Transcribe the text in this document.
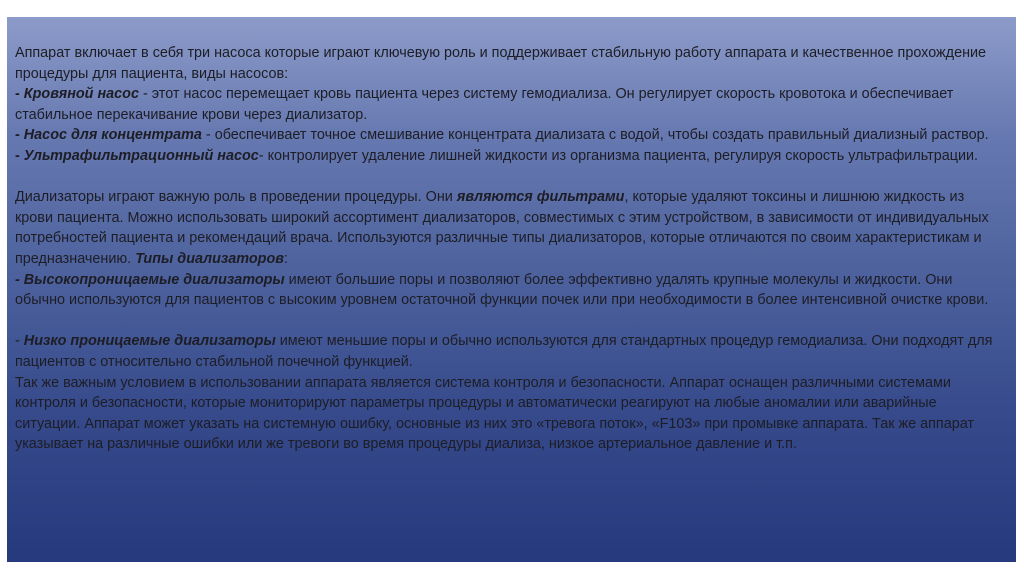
Аппарат включает в себя три насоса которые играют ключевую роль и поддерживает стабильную работу аппарата и качественное прохождение процедуры для пациента, виды насосов:

- Кровяной насос - этот насос перемещает кровь пациента через систему гемодиализа. Он регулирует скорость кровотока и обеспечивает стабильное перекачивание крови через диализатор.

- Насос для концентрата - обеспечивает точное смешивание концентрата диализата с водой, чтобы создать правильный диализный раствор.

- Ультрафильтрационный насос- контролирует удаление лишней жидкости из организма пациента, регулируя скорость ультрафильтрации.

Диализаторы играют важную роль в проведении процедуры. Они являются фильтрами, которые удаляют токсины и лишнюю жидкость из крови пациента. Можно использовать широкий ассортимент диализаторов, совместимых с этим устройством, в зависимости от индивидуальных потребностей пациента и рекомендаций врача. Используются различные типы диализаторов, которые отличаются по своим характеристикам и предназначению. Типы диализаторов:

- Высокопроницаемые диализаторы имеют большие поры и позволяют более эффективно удалять крупные молекулы и жидкости. Они обычно используются для пациентов с высоким уровнем остаточной функции почек или при необходимости в более интенсивной очистке крови.

- Низко проницаемые диализаторы имеют меньшие поры и обычно используются для стандартных процедур гемодиализа. Они подходят для пациентов с относительно стабильной почечной функцией.

Так же важным условием в использовании аппарата является система контроля и безопасности. Аппарат оснащен различными системами контроля и безопасности, которые мониторируют параметры процедуры и автоматически реагируют на любые аномалии или аварийные ситуации. Аппарат может указать на системную ошибку, основные из них это «тревога поток», «F103» при промывке аппарата. Так же аппарат указывает на различные ошибки или же тревоги во время процедуры диализа, низкое артериальное давление и т.п.
